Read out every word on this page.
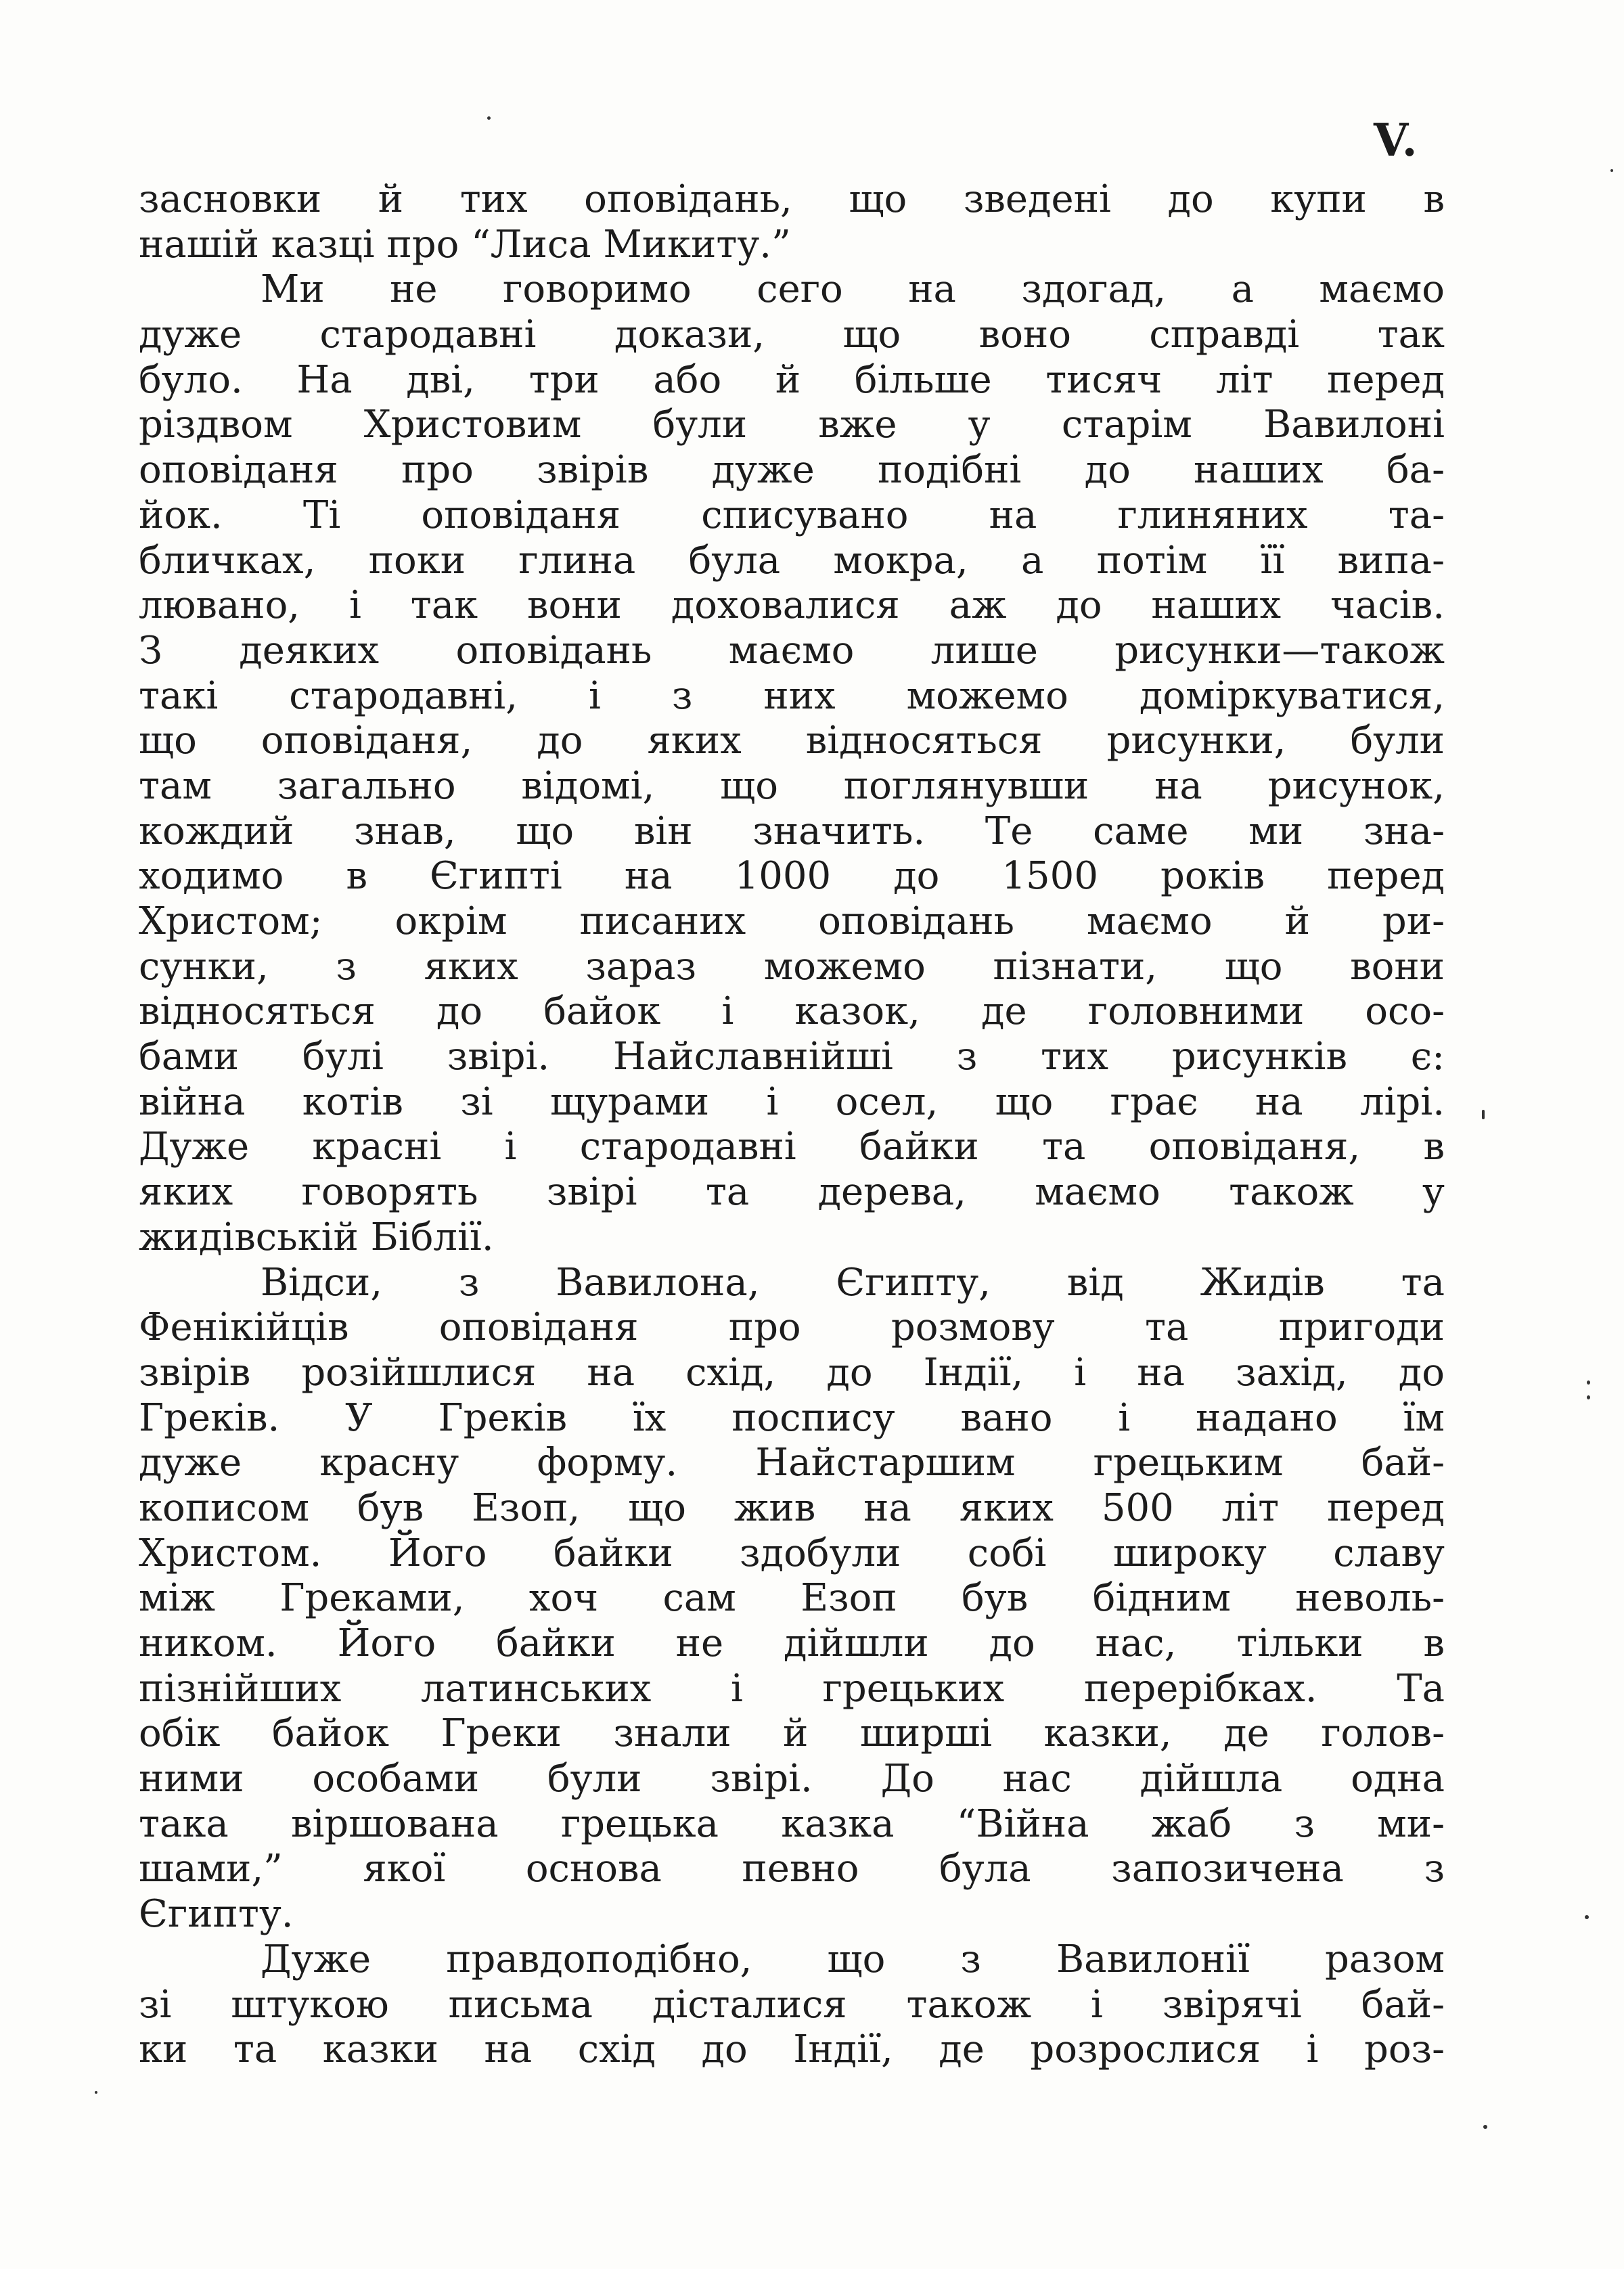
V.
засновки й тих оповідань, що зведені до купи в
нашій казці про “Лиса Микиту.”
Ми не говоримо сего на здогад, а маємо
дуже стародавні докази, що воно справді так
було. На дві, три або й більше тисяч літ перед
різдвом Христовим були вже у старім Вавилоні
оповіданя про звірів дуже подібні до наших ба-
йок. Ті оповіданя списувано на глиняних та-
бличках, поки глина була мокра, а потім її випа-
лювано, і так вони доховалися аж до наших часів.
З деяких оповідань маємо лише рисунки—також
такі стародавні, і з них можемо доміркуватися,
що оповіданя, до яких відносяться рисунки, були
там загально відомі, що поглянувши на рисунок,
кождий знав, що він значить. Те саме ми зна-
ходимо в Єгипті на 1000 до 1500 років перед
Христом; окрім писаних оповідань маємо й ри-
сунки, з яких зараз можемо пізнати, що вони
відносяться до байок і казок, де головними осо-
бами булі звірі. Найславнійші з тих рисунків є:
війна котів зі щурами і осел, що грає на лірі.
Дуже красні і стародавні байки та оповіданя, в
яких говорять звірі та дерева, маємо також у
жидівській Біблії.
Відси, з Вавилона, Єгипту, від Жидів та
Фенікійців оповіданя про розмову та пригоди
звірів розійшлися на схід, до Індії, і на захід, до
Греків. У Греків їх поспису вано і надано їм
дуже красну форму. Найстаршим грецьким бай-
кописом був Езоп, що жив на яких 500 літ перед
Христом. Його байки здобули собі широку славу
між Греками, хоч сам Езоп був бідним неволь-
ником. Його байки не дійшли до нас, тільки в
пізнійших латинських і грецьких перерібках. Та
обік байок Греки знали й ширші казки, де голов-
ними особами були звірі. До нас дійшла одна
така віршована грецька казка “Війна жаб з ми-
шами,” якої основа певно була запозичена з
Єгипту.
Дуже правдоподібно, що з Вавилонії разом
зі штукою письма дісталися також і звірячі бай-
ки та казки на схід до Індії, де розрослися і роз-
